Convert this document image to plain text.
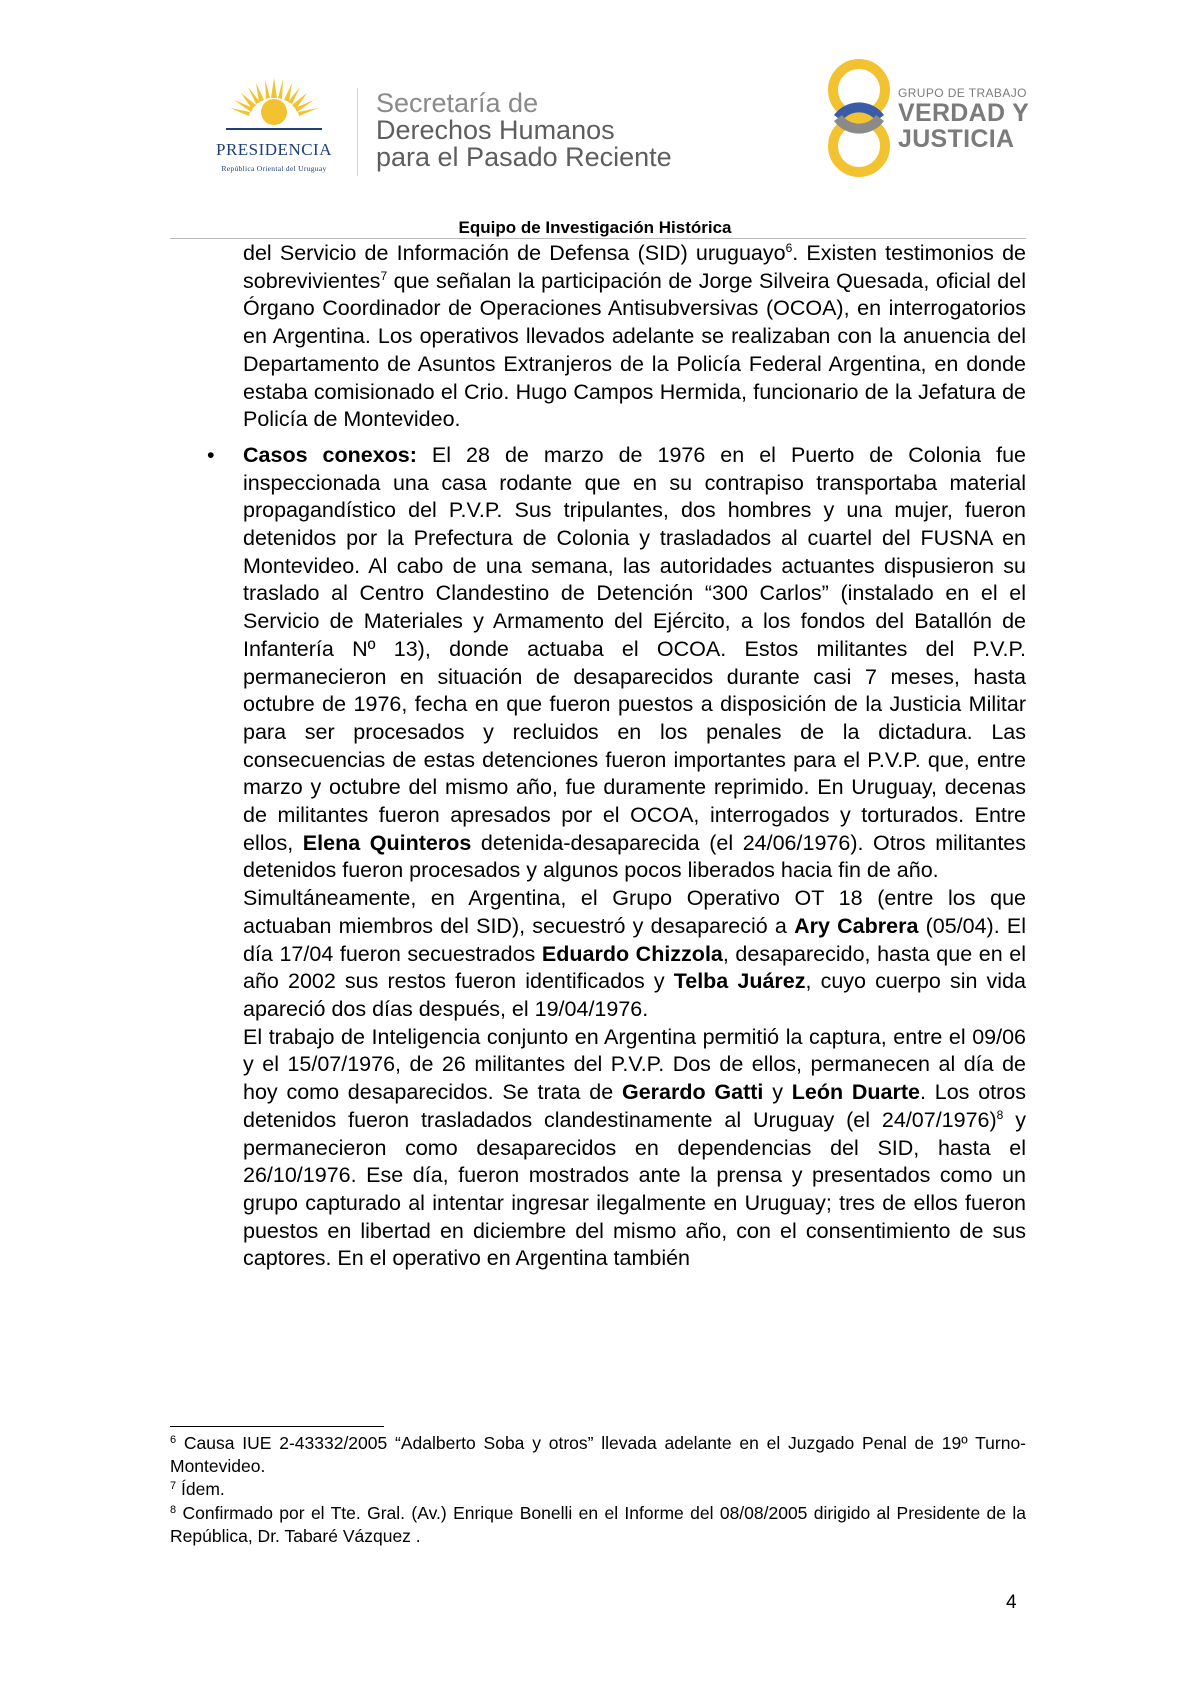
PRESIDENCIA
República Oriental del Uruguay
Secretaría de
Derechos Humanos
para el Pasado Reciente
GRUPO DE TRABAJO
VERDAD Y
JUSTICIA
Equipo de Investigación Histórica

del Servicio de Información de Defensa (SID) uruguayo$^6$. Existen testimonios de sobrevivientes$^7$ que señalan la participación de Jorge Silveira Quesada, oficial del Órgano Coordinador de Operaciones Antisubversivas (OCOA), en interrogatorios en Argentina. Los operativos llevados adelante se realizaban con la anuencia del Departamento de Asuntos Extranjeros de la Policía Federal Argentina, en donde estaba comisionado el Crio. Hugo Campos Hermida, funcionario de la Jefatura de Policía de Montevideo.

• Casos conexos: El 28 de marzo de 1976 en el Puerto de Colonia fue inspeccionada una casa rodante que en su contrapiso transportaba material propagandístico del P.V.P. Sus tripulantes, dos hombres y una mujer, fueron detenidos por la Prefectura de Colonia y trasladados al cuartel del FUSNA en Montevideo. Al cabo de una semana, las autoridades actuantes dispusieron su traslado al Centro Clandestino de Detención “300 Carlos” (instalado en el el Servicio de Materiales y Armamento del Ejército, a los fondos del Batallón de Infantería Nº 13), donde actuaba el OCOA. Estos militantes del P.V.P. permanecieron en situación de desaparecidos durante casi 7 meses, hasta octubre de 1976, fecha en que fueron puestos a disposición de la Justicia Militar para ser procesados y recluidos en los penales de la dictadura. Las consecuencias de estas detenciones fueron importantes para el P.V.P. que, entre marzo y octubre del mismo año, fue duramente reprimido. En Uruguay, decenas de militantes fueron apresados por el OCOA, interrogados y torturados. Entre ellos, Elena Quinteros detenida-desaparecida (el 24/06/1976). Otros militantes detenidos fueron procesados y algunos pocos liberados hacia fin de año.

Simultáneamente, en Argentina, el Grupo Operativo OT 18 (entre los que actuaban miembros del SID), secuestró y desapareció a Ary Cabrera (05/04). El día 17/04 fueron secuestrados Eduardo Chizzola, desaparecido, hasta que en el año 2002 sus restos fueron identificados y Telba Juárez, cuyo cuerpo sin vida apareció dos días después, el 19/04/1976.

El trabajo de Inteligencia conjunto en Argentina permitió la captura, entre el 09/06 y el 15/07/1976, de 26 militantes del P.V.P. Dos de ellos, permanecen al día de hoy como desaparecidos. Se trata de Gerardo Gatti y León Duarte. Los otros detenidos fueron trasladados clandestinamente al Uruguay (el 24/07/1976)$^8$ y permanecieron como desaparecidos en dependencias del SID, hasta el 26/10/1976. Ese día, fueron mostrados ante la prensa y presentados como un grupo capturado al intentar ingresar ilegalmente en Uruguay; tres de ellos fueron puestos en libertad en diciembre del mismo año, con el consentimiento de sus captores. En el operativo en Argentina también

$^6$ Causa IUE 2-43332/2005 “Adalberto Soba y otros” llevada adelante en el Juzgado Penal de 19º Turno-Montevideo.

$^7$ Ídem.

$^8$ Confirmado por el Tte. Gral. (Av.) Enrique Bonelli en el Informe del 08/08/2005 dirigido al Presidente de la República, Dr. Tabaré Vázquez .

4
